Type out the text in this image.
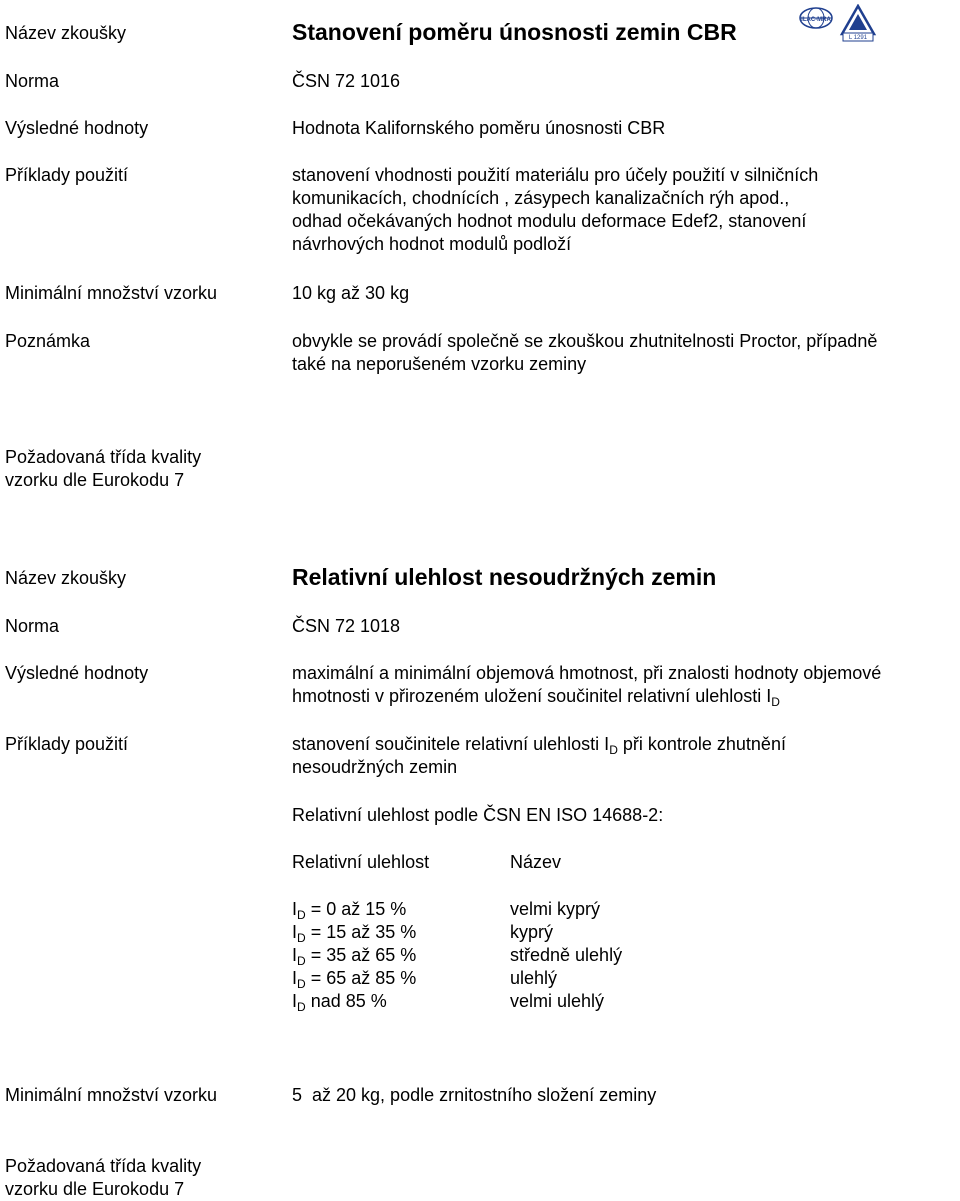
Název zkoušky	Stanovení poměru únosnosti zemin CBR	ILAC-MRA
L 1291
Norma	ČSN 72 1016
Výsledné hodnoty	Hodnota Kalifornského poměru únosnosti CBR
Příklady použití	stanovení vhodnosti použití materiálu pro účely použití v silničních
komunikacích, chodnících , zásypech kanalizačních rýh apod.,
odhad očekávaných hodnot modulu deformace Edef2, stanovení
návrhových hodnot modulů podloží
Minimální množství vzorku	10 kg až 30 kg
Poznámka	obvykle se provádí společně se zkouškou zhutnitelnosti Proctor, případně
také na neporušeném vzorku zeminy
Požadovaná třída kvality
vzorku dle Eurokodu 7
Název zkoušky	Relativní ulehlost nesoudržných zemin
Norma	ČSN 72 1018
Výsledné hodnoty	maximální a minimální objemová hmotnost, při znalosti hodnoty objemové
hmotnosti v přirozeném uložení součinitel relativní ulehlosti $I_D$
Příklady použití	stanovení součinitele relativní ulehlosti $I_D$ při kontrole zhutnění
nesoudržných zemin
Relativní ulehlost podle ČSN EN ISO 14688-2:
Relativní ulehlost	Název
$I_D = 0$ až 15 %	velmi kyprý
$I_D = 15$ až 35 %	kyprý
$I_D = 35$ až 65 %	středně ulehlý
$I_D = 65$ až 85 %	ulehlý
$I_D$ nad 85 %	velmi ulehlý
Minimální množství vzorku	5  až 20 kg, podle zrnitostního složení zeminy
Požadovaná třída kvality
vzorku dle Eurokodu 7
